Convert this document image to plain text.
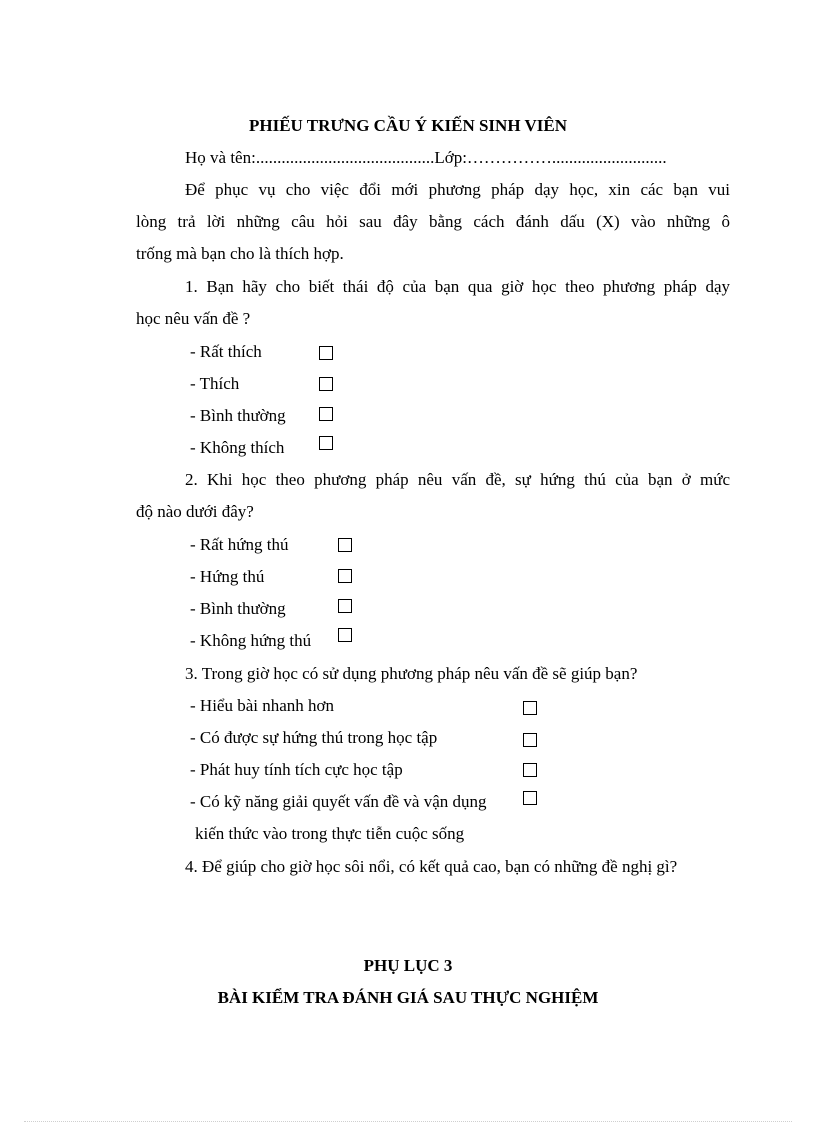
PHIẾU TRƯNG CẦU Ý KIẾN SINH VIÊN
Họ và tên:..........................................Lớp:……………...........................
Để phục vụ cho việc đổi mới phương pháp dạy học, xin các bạn vui
lòng trả lời những câu hỏi sau đây bằng cách đánh dấu (X) vào những ô
trống mà bạn cho là thích hợp.
1. Bạn hãy cho biết thái độ của bạn qua giờ học theo phương pháp dạy
học nêu vấn đề ?
- Rất thích
- Thích
- Bình thường
- Không thích
2. Khi học theo phương pháp nêu vấn đề, sự hứng thú của bạn ở mức
độ nào dưới đây?
- Rất hứng thú
- Hứng thú
- Bình thường
- Không hứng thú
3. Trong giờ học có sử dụng phương pháp nêu vấn đề sẽ giúp bạn?
- Hiểu bài nhanh hơn
- Có được sự hứng thú trong học tập
- Phát huy tính tích cực học tập
- Có kỹ năng giải quyết vấn đề và vận dụng
kiến thức vào trong thực tiễn cuộc sống
4. Để giúp cho giờ học sôi nổi, có kết quả cao, bạn có những đề nghị gì?
PHỤ LỤC 3
BÀI KIỂM TRA ĐÁNH GIÁ SAU THỰC NGHIỆM
